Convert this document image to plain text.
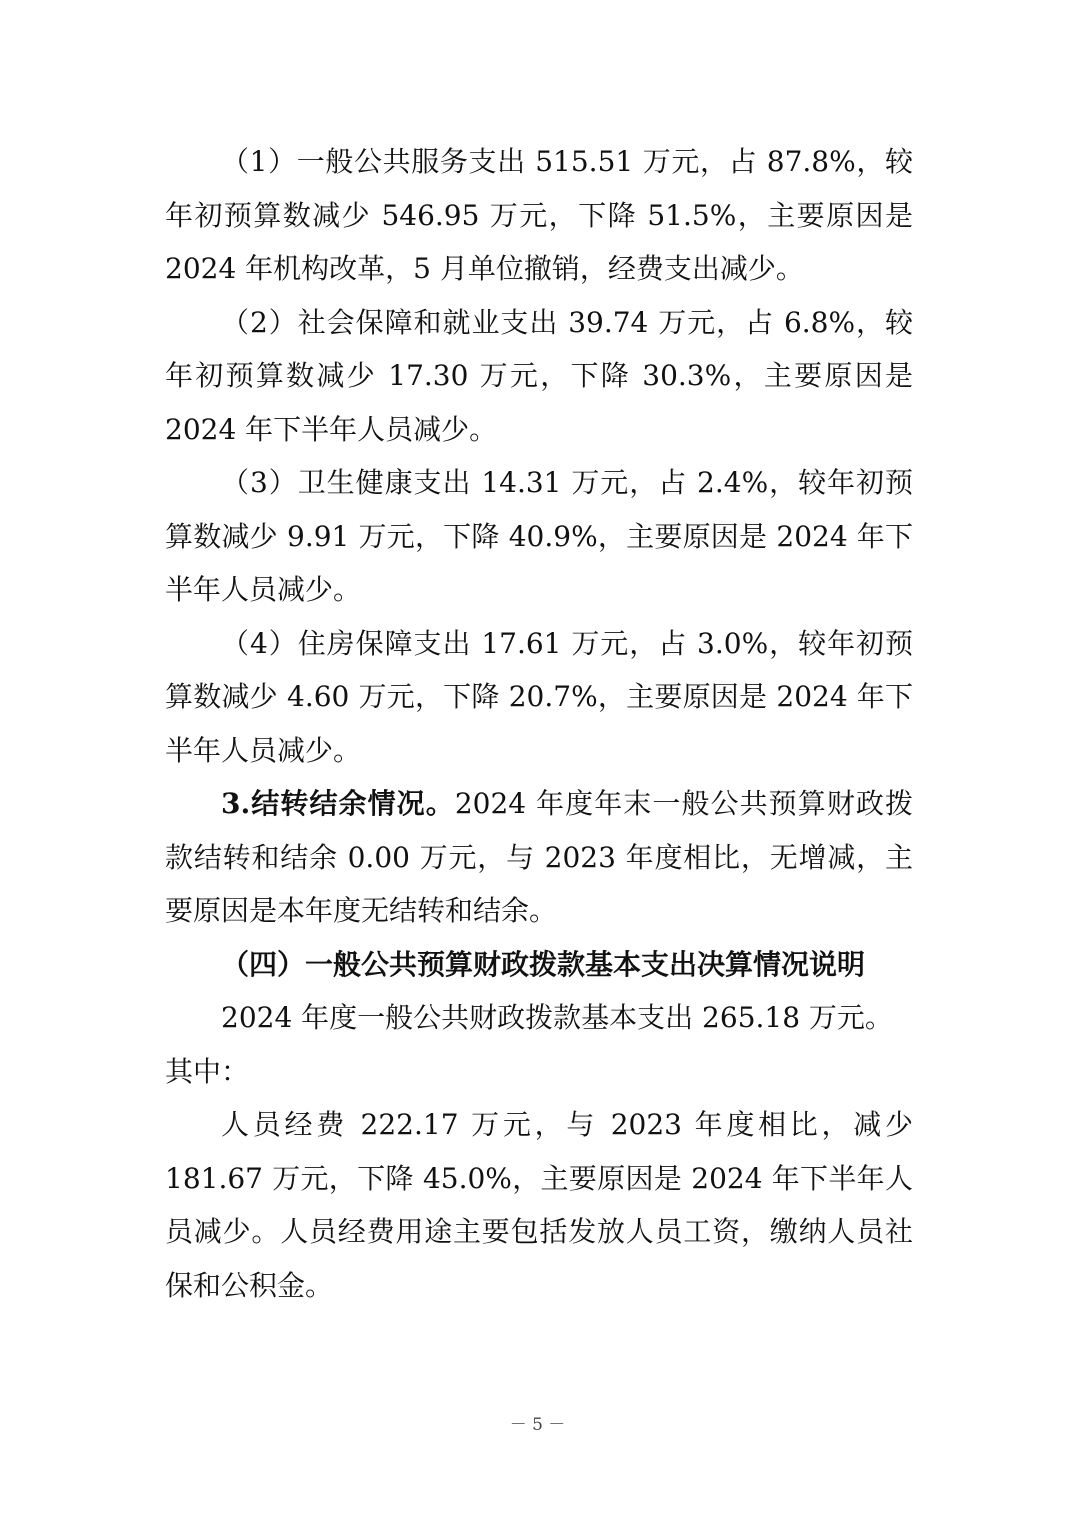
（1）一般公共服务支出 515.51 万元，占 87.8%，较年初预算数减少 546.95 万元，下降 51.5%，主要原因是 2024 年机构改革，5 月单位撤销，经费支出减少。

（2）社会保障和就业支出 39.74 万元，占 6.8%，较年初预算数减少 17.30 万元，下降 30.3%，主要原因是 2024 年下半年人员减少。

（3）卫生健康支出 14.31 万元，占 2.4%，较年初预算数减少 9.91 万元，下降 40.9%，主要原因是 2024 年下半年人员减少。

（4）住房保障支出 17.61 万元，占 3.0%，较年初预算数减少 4.60 万元，下降 20.7%，主要原因是 2024 年下半年人员减少。

3.结转结余情况。2024 年度年末一般公共预算财政拨款结转和结余 0.00 万元，与 2023 年度相比，无增减，主要原因是本年度无结转和结余。

（四）一般公共预算财政拨款基本支出决算情况说明

2024 年度一般公共财政拨款基本支出 265.18 万元。

其中：

人员经费 222.17 万元，与 2023 年度相比，减少 181.67 万元，下降 45.0%，主要原因是 2024 年下半年人员减少。人员经费用途主要包括发放人员工资，缴纳人员社保和公积金。

－ 5 －
